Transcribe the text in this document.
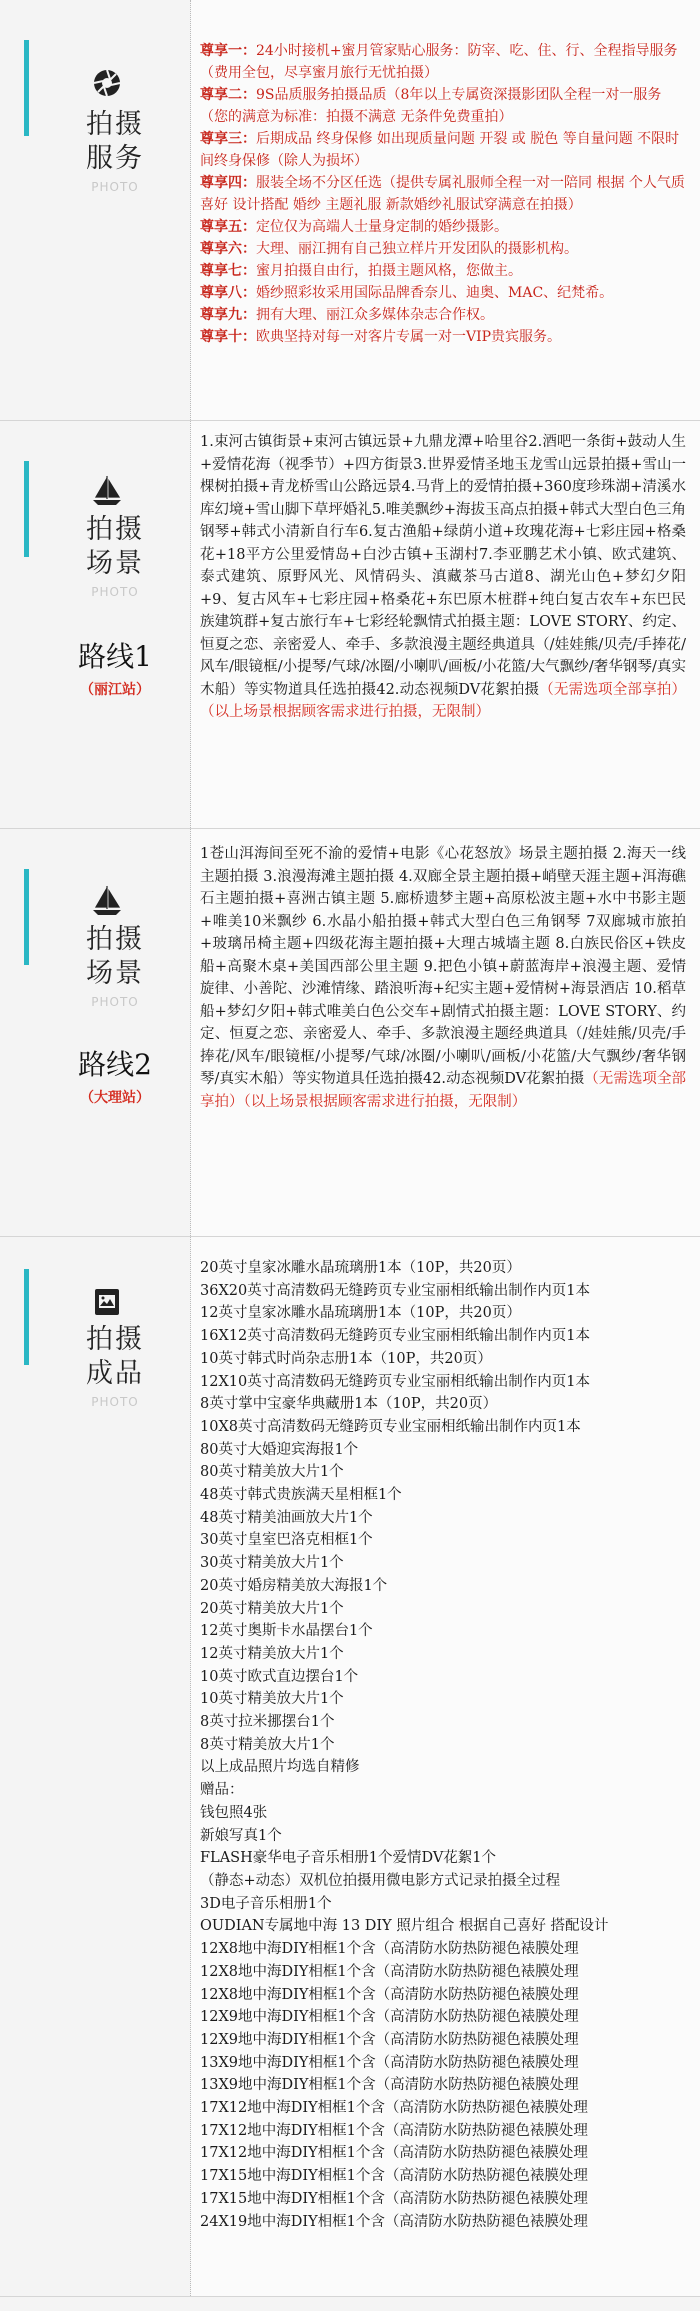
拍摄
服务
PHOTO
尊享一：24小时接机+蜜月管家贴心服务：防宰、吃、住、行、全程指导服务（费用全包，尽享蜜月旅行无忧拍摄）
尊享二：9S品质服务拍摄品质（8年以上专属资深摄影团队全程一对一服务 （您的满意为标准：拍摄不满意 无条件免费重拍）
尊享三：后期成品 终身保修 如出现质量问题 开裂 或 脱色 等自量问题 不限时间终身保修（除人为损坏）
尊享四：服装全场不分区任选（提供专属礼服师全程一对一陪同 根据 个人气质喜好 设计搭配 婚纱 主题礼服 新款婚纱礼服试穿满意在拍摄）
尊享五：定位仅为高端人士量身定制的婚纱摄影。
尊享六：大理、丽江拥有自己独立样片开发团队的摄影机构。
尊享七：蜜月拍摄自由行，拍摄主题风格，您做主。
尊享八：婚纱照彩妆采用国际品牌香奈儿、迪奥、MAC、纪梵希。
尊享九：拥有大理、丽江众多媒体杂志合作权。
尊享十：欧典坚持对每一对客片专属一对一VIP贵宾服务。
拍摄
场景
PHOTO
路线1
（丽江站）
1.束河古镇街景+束河古镇远景+九鼎龙潭+哈里谷2.酒吧一条街+鼓动人生+爱情花海（视季节）+四方街景3.世界爱情圣地玉龙雪山远景拍摄+雪山一棵树拍摄+青龙桥雪山公路远景4.马背上的爱情拍摄+360度珍珠湖+清溪水库幻境+雪山脚下草坪婚礼5.唯美飘纱+海拔玉高点拍摄+韩式大型白色三角钢琴+韩式小清新自行车6.复古渔船+绿荫小道+玫瑰花海+七彩庄园+格桑花+18平方公里爱情岛+白沙古镇+玉湖村7.李亚鹏艺术小镇、欧式建筑、泰式建筑、原野风光、风情码头、滇藏茶马古道8、湖光山色+梦幻夕阳+9、复古风车+七彩庄园+格桑花+东巴原木桩群+纯白复古农车+东巴民族建筑群+复古旅行车+七彩经轮飘情式拍摄主题：LOVE STORY、约定、恒夏之恋、亲密爱人、牵手、多款浪漫主题经典道具（/娃娃熊/贝壳/手捧花/风车/眼镜框/小提琴/气球/冰圈/小喇叭/画板/小花篮/大气飘纱/奢华钢琴/真实木船）等实物道具任选拍摄42.动态视频DV花絮拍摄（无需选项全部享拍）（以上场景根据顾客需求进行拍摄，无限制）
拍摄
场景
PHOTO
路线2
（大理站）
1苍山洱海间至死不渝的爱情+电影《心花怒放》场景主题拍摄 2.海天一线主题拍摄 3.浪漫海滩主题拍摄 4.双廊全景主题拍摄+峭壁天涯主题+洱海礁石主题拍摄+喜洲古镇主题 5.廊桥遗梦主题+高原松波主题+水中书影主题+唯美10米飘纱 6.水晶小船拍摄+韩式大型白色三角钢琴 7双廊城市旅拍+玻璃吊椅主题+四级花海主题拍摄+大理古城墙主题 8.白族民俗区+铁皮船+高聚木桌+美国西部公里主题 9.把色小镇+蔚蓝海岸+浪漫主题、爱情旋律、小善陀、沙滩情缘、踏浪听海+纪实主题+爱情树+海景酒店 10.稻草船+梦幻夕阳+韩式唯美白色公交车+剧情式拍摄主题：LOVE STORY、约定、恒夏之恋、亲密爱人、牵手、多款浪漫主题经典道具（/娃娃熊/贝壳/手捧花/风车/眼镜框/小提琴/气球/冰圈/小喇叭/画板/小花篮/大气飘纱/奢华钢琴/真实木船）等实物道具任选拍摄42.动态视频DV花絮拍摄（无需选项全部享拍）（以上场景根据顾客需求进行拍摄，无限制）
拍摄
成品
PHOTO
20英寸皇家冰雕水晶琉璃册1本（10P，共20页）
36X20英寸高清数码无缝跨页专业宝丽相纸输出制作内页1本
12英寸皇家冰雕水晶琉璃册1本（10P，共20页）
16X12英寸高清数码无缝跨页专业宝丽相纸输出制作内页1本
10英寸韩式时尚杂志册1本（10P，共20页）
12X10英寸高清数码无缝跨页专业宝丽相纸输出制作内页1本
8英寸掌中宝豪华典藏册1本（10P，共20页）
10X8英寸高清数码无缝跨页专业宝丽相纸输出制作内页1本
80英寸大婚迎宾海报1个
80英寸精美放大片1个
48英寸韩式贵族满天星相框1个
48英寸精美油画放大片1个
30英寸皇室巴洛克相框1个
30英寸精美放大片1个
20英寸婚房精美放大海报1个
20英寸精美放大片1个
12英寸奥斯卡水晶摆台1个
12英寸精美放大片1个
10英寸欧式直边摆台1个
10英寸精美放大片1个
8英寸拉米挪摆台1个
8英寸精美放大片1个
以上成品照片均选自精修
赠品：
钱包照4张
新娘写真1个
FLASH豪华电子音乐相册1个爱情DV花絮1个
（静态+动态）双机位拍摄用微电影方式记录拍摄全过程
3D电子音乐相册1个
OUDIAN专属地中海 13 DIY 照片组合 根据自己喜好 搭配设计
12X8地中海DIY相框1个含（高清防水防热防褪色裱膜处理
12X8地中海DIY相框1个含（高清防水防热防褪色裱膜处理
12X8地中海DIY相框1个含（高清防水防热防褪色裱膜处理
12X9地中海DIY相框1个含（高清防水防热防褪色裱膜处理
12X9地中海DIY相框1个含（高清防水防热防褪色裱膜处理
13X9地中海DIY相框1个含（高清防水防热防褪色裱膜处理
13X9地中海DIY相框1个含（高清防水防热防褪色裱膜处理
17X12地中海DIY相框1个含（高清防水防热防褪色裱膜处理
17X12地中海DIY相框1个含（高清防水防热防褪色裱膜处理
17X12地中海DIY相框1个含（高清防水防热防褪色裱膜处理
17X15地中海DIY相框1个含（高清防水防热防褪色裱膜处理
17X15地中海DIY相框1个含（高清防水防热防褪色裱膜处理
24X19地中海DIY相框1个含（高清防水防热防褪色裱膜处理
